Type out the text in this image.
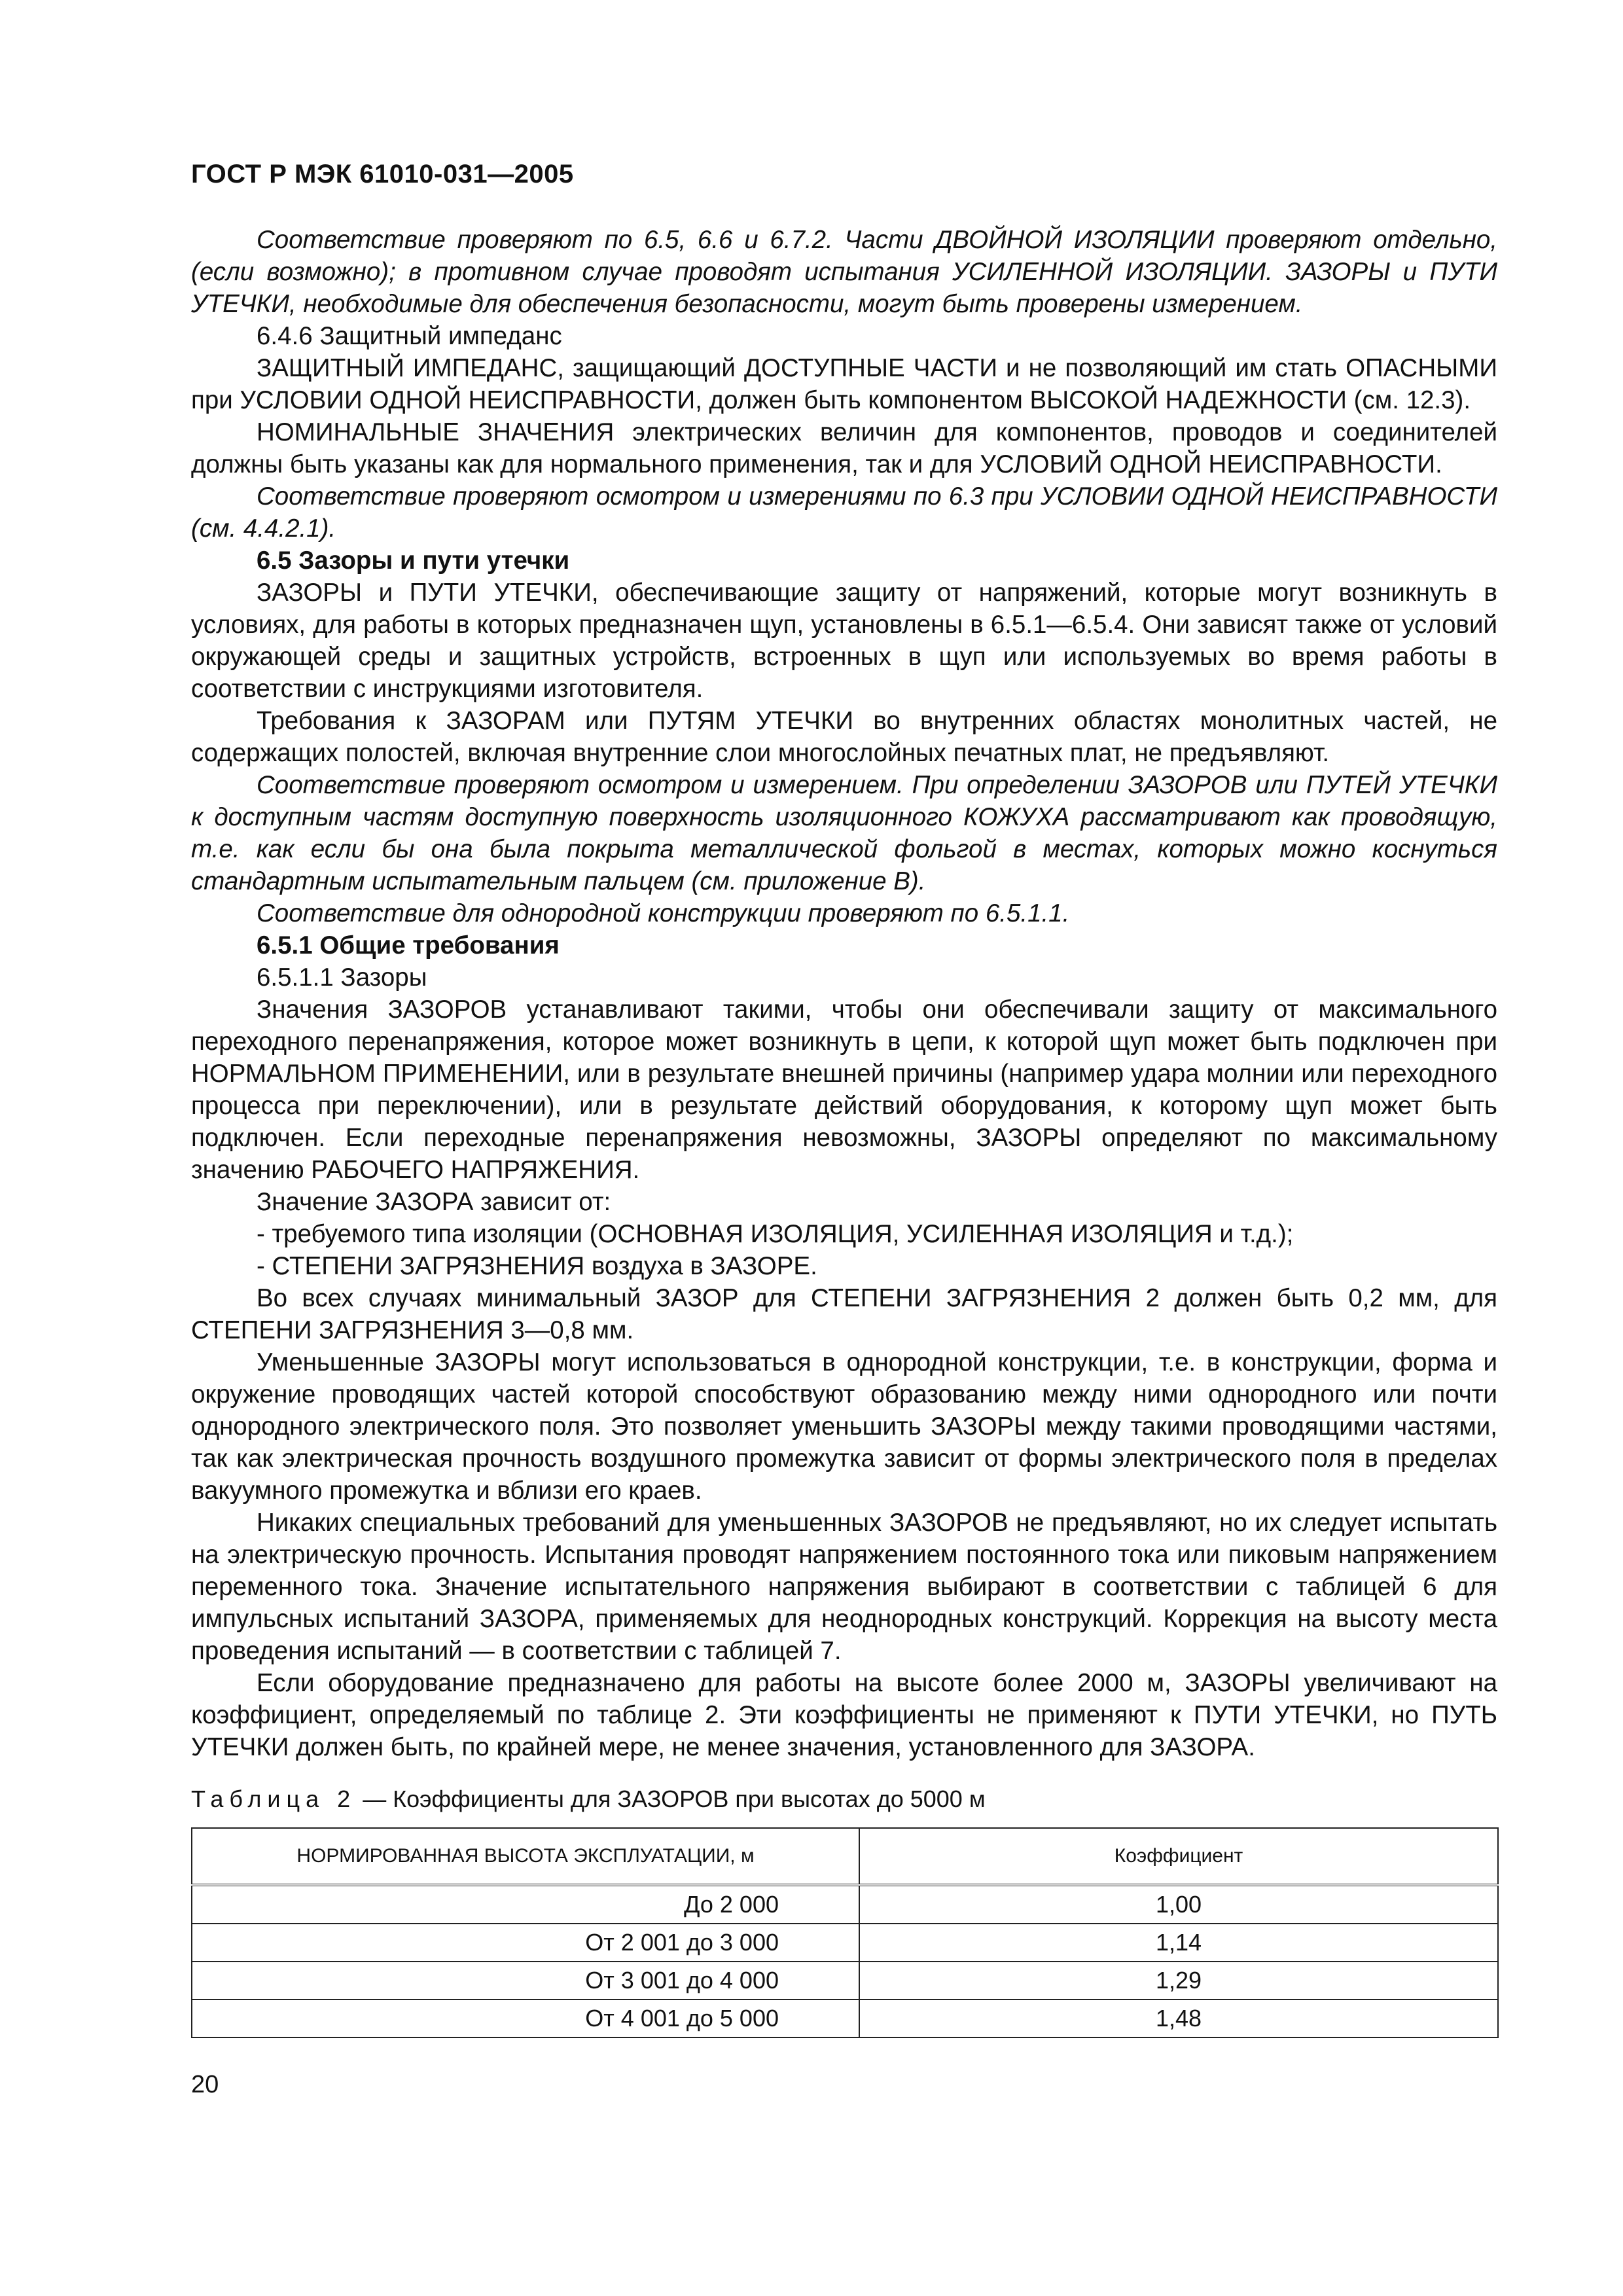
ГОСТ Р МЭК 61010-031—2005

Соответствие проверяют по 6.5, 6.6 и 6.7.2. Части ДВОЙНОЙ ИЗОЛЯЦИИ проверяют отдельно, (если возможно); в противном случае проводят испытания УСИЛЕННОЙ ИЗОЛЯЦИИ. ЗАЗОРЫ и ПУТИ УТЕЧКИ, необходимые для обеспечения безопасности, могут быть проверены измерением.

6.4.6 Защитный импеданс

ЗАЩИТНЫЙ ИМПЕДАНС, защищающий ДОСТУПНЫЕ ЧАСТИ и не позволяющий им стать ОПАСНЫМИ при УСЛОВИИ ОДНОЙ НЕИСПРАВНОСТИ, должен быть компонентом ВЫСОКОЙ НАДЕЖНОСТИ (см. 12.3).

НОМИНАЛЬНЫЕ ЗНАЧЕНИЯ электрических величин для компонентов, проводов и соединителей должны быть указаны как для нормального применения, так и для УСЛОВИЙ ОДНОЙ НЕИСПРАВНОСТИ.

Соответствие проверяют осмотром и измерениями по 6.3 при УСЛОВИИ ОДНОЙ НЕИСПРАВНОСТИ (см. 4.4.2.1).

6.5 Зазоры и пути утечки

ЗАЗОРЫ и ПУТИ УТЕЧКИ, обеспечивающие защиту от напряжений, которые могут возникнуть в условиях, для работы в которых предназначен щуп, установлены в 6.5.1—6.5.4. Они зависят также от условий окружающей среды и защитных устройств, встроенных в щуп или используемых во время работы в соответствии с инструкциями изготовителя.

Требования к ЗАЗОРАМ или ПУТЯМ УТЕЧКИ во внутренних областях монолитных частей, не содержащих полостей, включая внутренние слои многослойных печатных плат, не предъявляют.

Соответствие проверяют осмотром и измерением. При определении ЗАЗОРОВ или ПУТЕЙ УТЕЧКИ к доступным частям доступную поверхность изоляционного КОЖУХА рассматривают как проводящую, т.е. как если бы она была покрыта металлической фольгой в местах, которых можно коснуться стандартным испытательным пальцем (см. приложение В).

Соответствие для однородной конструкции проверяют по 6.5.1.1.

6.5.1 Общие требования

6.5.1.1 Зазоры

Значения ЗАЗОРОВ устанавливают такими, чтобы они обеспечивали защиту от максимального переходного перенапряжения, которое может возникнуть в цепи, к которой щуп может быть подключен при НОРМАЛЬНОМ ПРИМЕНЕНИИ, или в результате внешней причины (например удара молнии или переходного процесса при переключении), или в результате действий оборудования, к которому щуп может быть подключен. Если переходные перенапряжения невозможны, ЗАЗОРЫ определяют по максимальному значению РАБОЧЕГО НАПРЯЖЕНИЯ.

Значение ЗАЗОРА зависит от:

- требуемого типа изоляции (ОСНОВНАЯ ИЗОЛЯЦИЯ, УСИЛЕННАЯ ИЗОЛЯЦИЯ и т.д.);

- СТЕПЕНИ ЗАГРЯЗНЕНИЯ воздуха в ЗАЗОРЕ.

Во всех случаях минимальный ЗАЗОР для СТЕПЕНИ ЗАГРЯЗНЕНИЯ 2 должен быть 0,2 мм, для СТЕПЕНИ ЗАГРЯЗНЕНИЯ 3—0,8 мм.

Уменьшенные ЗАЗОРЫ могут использоваться в однородной конструкции, т.е. в конструкции, форма и окружение проводящих частей которой способствуют образованию между ними однородного или почти однородного электрического поля. Это позволяет уменьшить ЗАЗОРЫ между такими проводящими частями, так как электрическая прочность воздушного промежутка зависит от формы электрического поля в пределах вакуумного промежутка и вблизи его краев.

Никаких специальных требований для уменьшенных ЗАЗОРОВ не предъявляют, но их следует испытать на электрическую прочность. Испытания проводят напряжением постоянного тока или пиковым напряжением переменного тока. Значение испытательного напряжения выбирают в соответствии с таблицей 6 для импульсных испытаний ЗАЗОРА, применяемых для неоднородных конструкций. Коррекция на высоту места проведения испытаний — в соответствии с таблицей 7.

Если оборудование предназначено для работы на высоте более 2000 м, ЗАЗОРЫ увеличивают на коэффициент, определяемый по таблице 2. Эти коэффициенты не применяют к ПУТИ УТЕЧКИ, но ПУТЬ УТЕЧКИ должен быть, по крайней мере, не менее значения, установленного для ЗАЗОРА.

Таблица 2 — Коэффициенты для ЗАЗОРОВ при высотах до 5000 м
НОРМИРОВАННАЯ ВЫСОТА ЭКСПЛУАТАЦИИ, м	Коэффициент
До 2 000	1,00
От 2 001 до 3 000	1,14
От 3 001 до 4 000	1,29
От 4 001 до 5 000	1,48
20
